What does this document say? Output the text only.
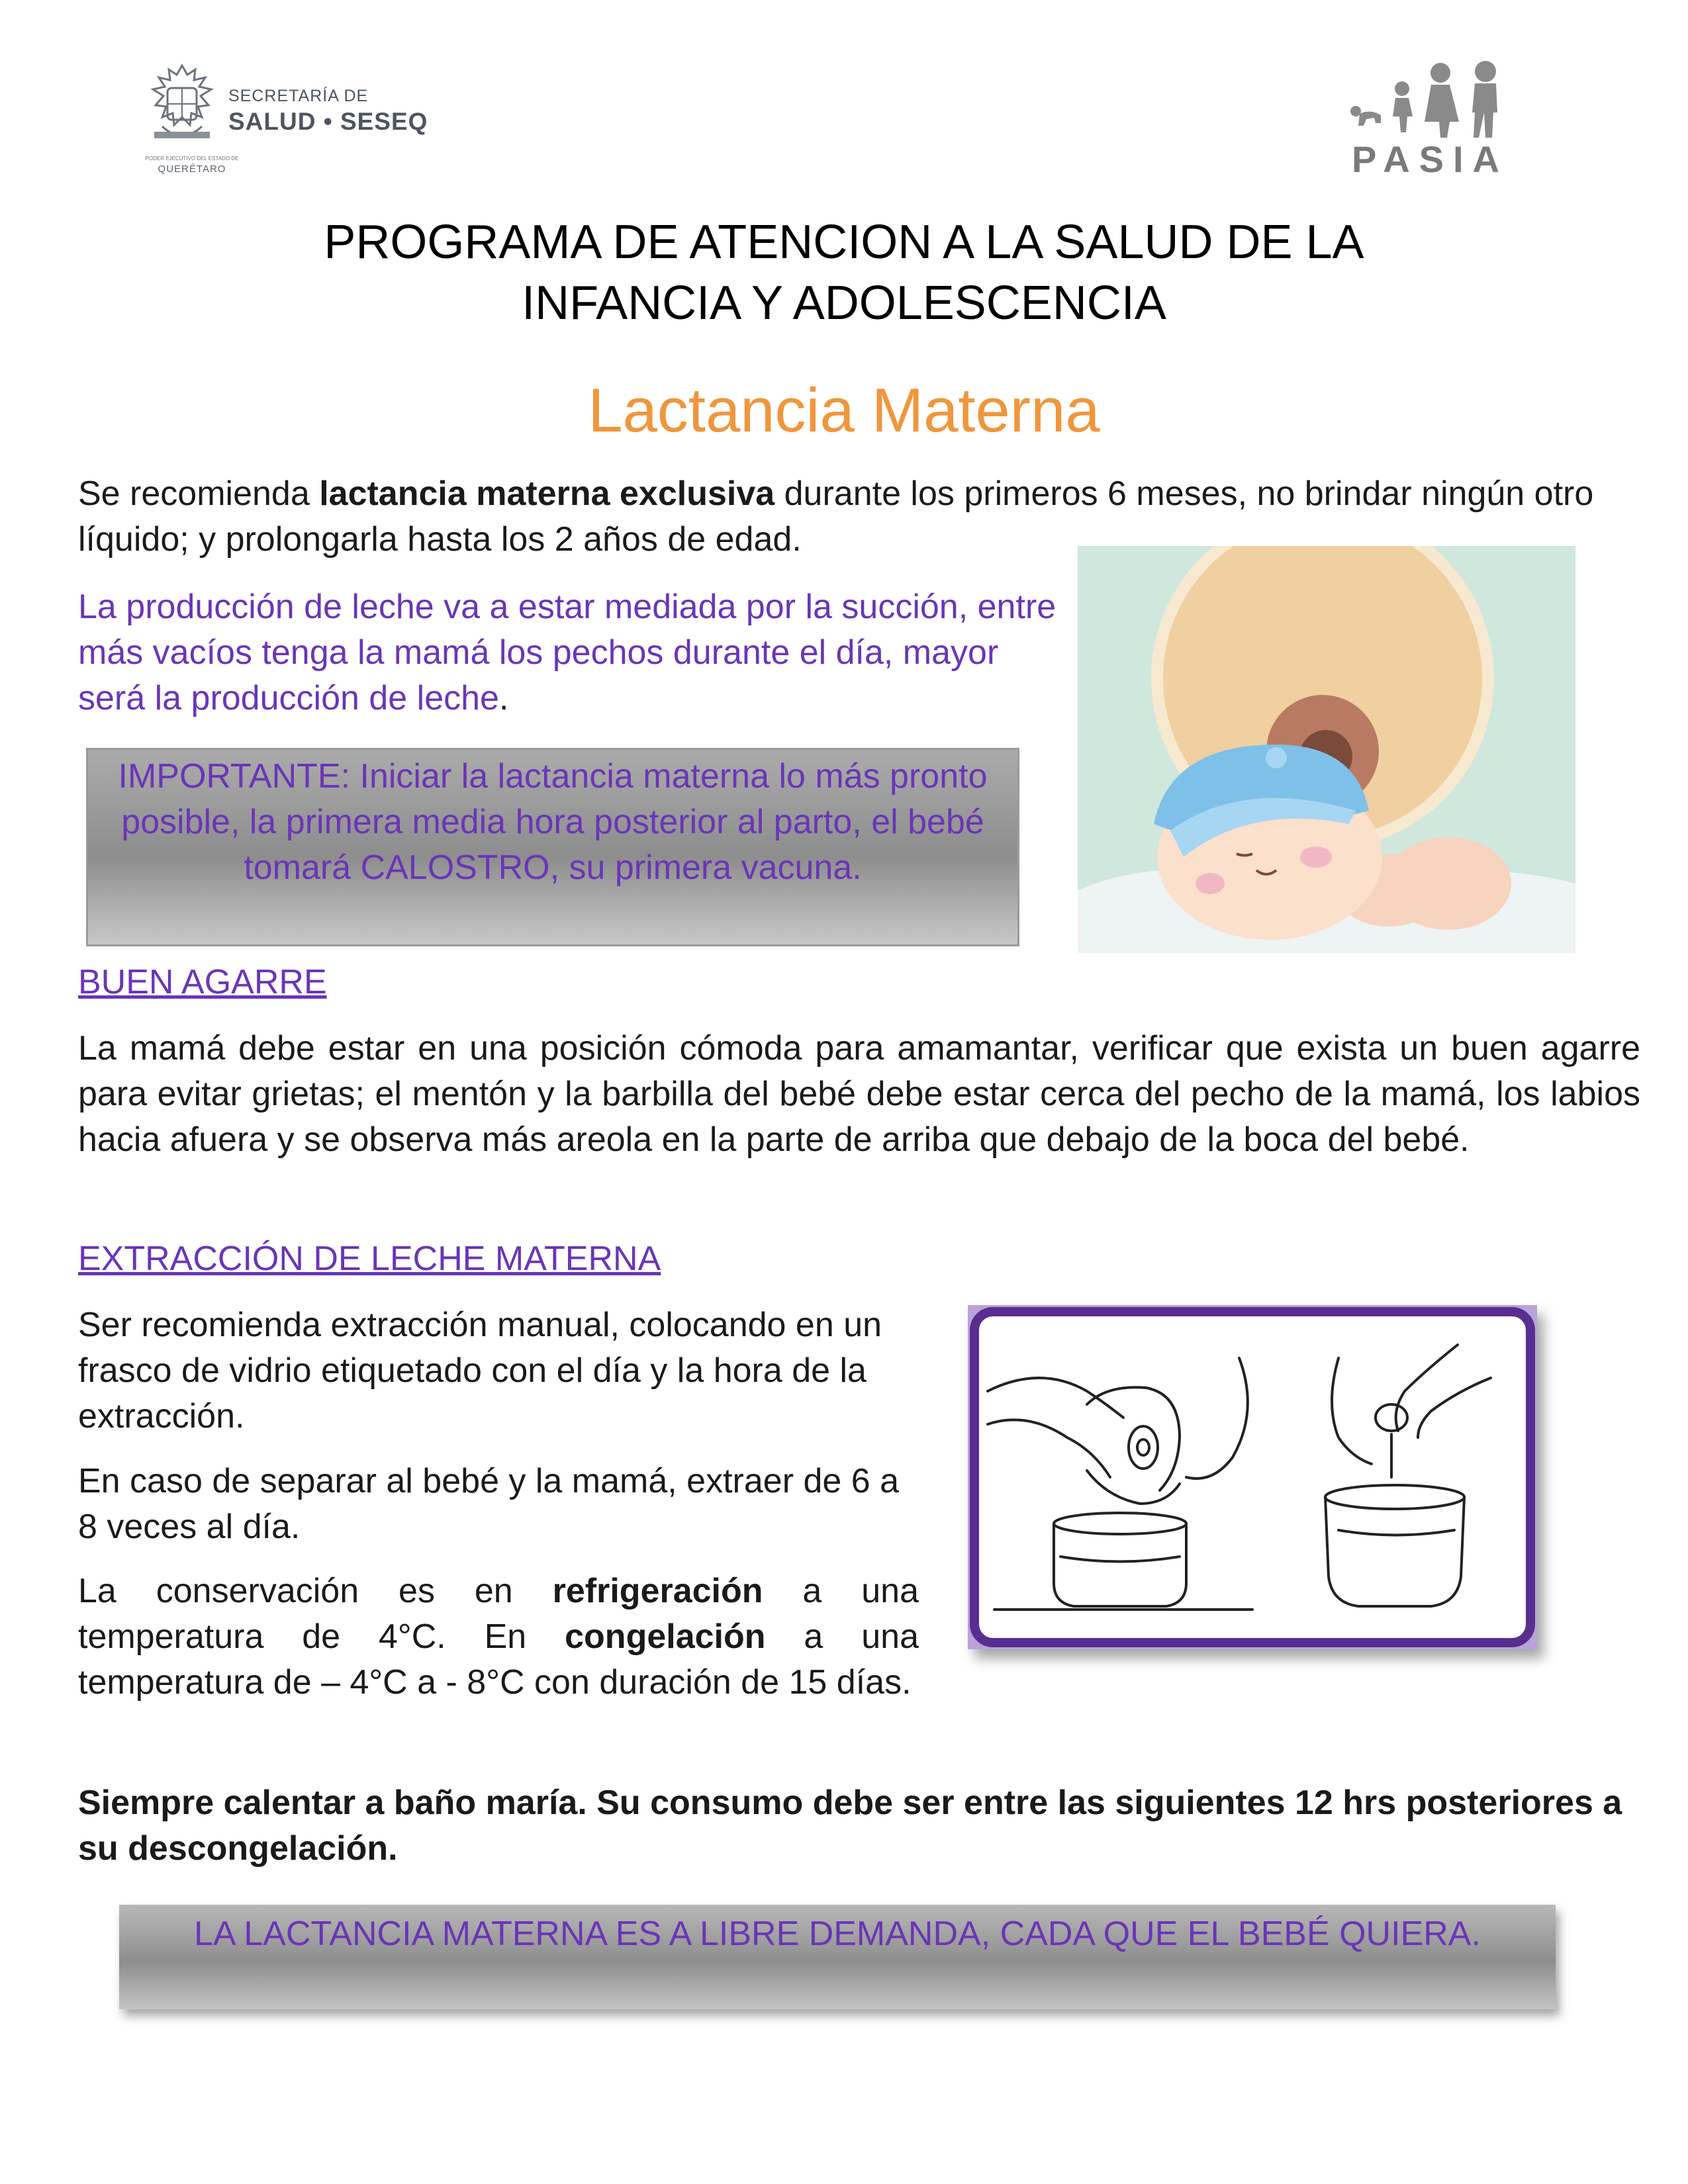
SECRETARÍA DE
SALUD • SESEQ
PODER EJECUTIVO DEL ESTADO DE
QUERÉTARO	PASIA
PROGRAMA DE ATENCION A LA SALUD DE LA
INFANCIA Y ADOLESCENCIA
Lactancia Materna
Se recomienda lactancia materna exclusiva durante los primeros 6 meses, no brindar ningún otro líquido; y prolongarla hasta los 2 años de edad.
La producción de leche va a estar mediada por la succión, entre más vacíos tenga la mamá los pechos durante el día, mayor será la producción de leche.
IMPORTANTE: Iniciar la lactancia materna lo más pronto posible, la primera media hora posterior al parto, el bebé tomará CALOSTRO, su primera vacuna.
BUEN AGARRE
La mamá debe estar en una posición cómoda para amamantar, verificar que exista un buen agarre para evitar grietas; el mentón y la barbilla del bebé debe estar cerca del pecho de la mamá, los labios hacia afuera y se observa más areola en la parte de arriba que debajo de la boca del bebé.
EXTRACCIÓN DE LECHE MATERNA
Ser recomienda extracción manual, colocando en un frasco de vidrio etiquetado con el día y la hora de la extracción.
En caso de separar al bebé y la mamá, extraer de 6 a 8 veces al día.
La conservación es en refrigeración a una temperatura de 4°C. En congelación a una temperatura de – 4°C a - 8°C con duración de 15 días.
Siempre calentar a baño maría. Su consumo debe ser entre las siguientes 12 hrs posteriores a su descongelación.
LA LACTANCIA MATERNA ES A LIBRE DEMANDA, CADA QUE EL BEBÉ QUIERA.
